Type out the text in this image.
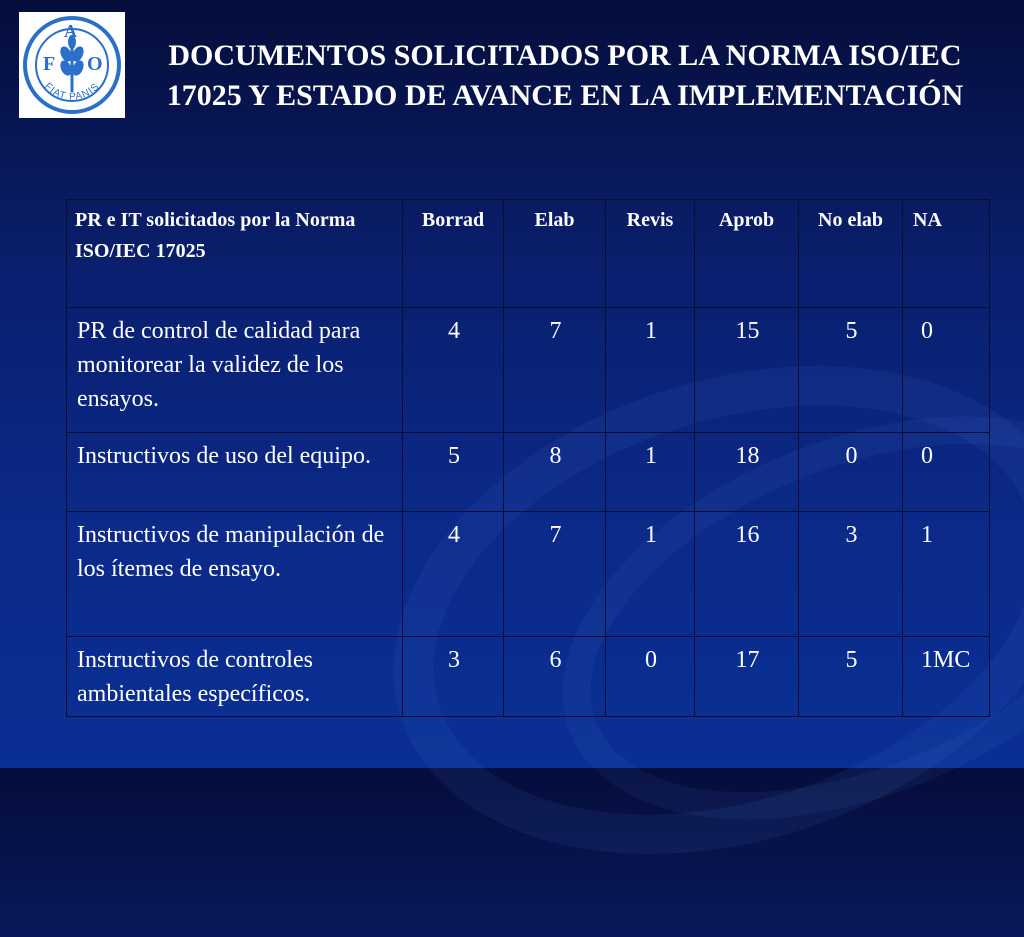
F
A
O
FIAT PANIS
DOCUMENTOS SOLICITADOS POR LA NORMA ISO/IEC 17025 Y ESTADO DE AVANCE EN LA IMPLEMENTACIÓN
PR e IT solicitados por la Norma ISO/IEC 17025	Borrad	Elab	Revis	Aprob	No elab	NA
PR de control de calidad para monitorear la validez de los ensayos.	4	7	1	15	5	0
Instructivos de uso del equipo.	5	8	1	18	0	0
Instructivos de manipulación de los ítemes de ensayo.	4	7	1	16	3	1
Instructivos de controles ambientales específicos.	3	6	0	17	5	1MC
